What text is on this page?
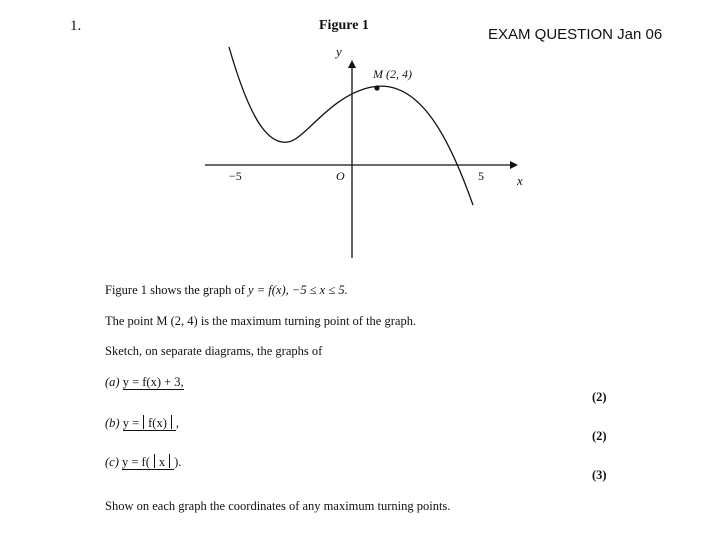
1.	Figure 1
EXAM QUESTION Jan 06
y
x
O
−5	5
M (2, 4)
Figure 1 shows the graph of y = f(x), −5 ≤ x ≤ 5.
The point M (2, 4) is the maximum turning point of the graph.
Sketch, on separate diagrams, the graphs of
(a) y = f(x) + 3,
(2)
(b) y = f(x) ,
(2)
(c) y = f( x ).
(3)
Show on each graph the coordinates of any maximum turning points.
